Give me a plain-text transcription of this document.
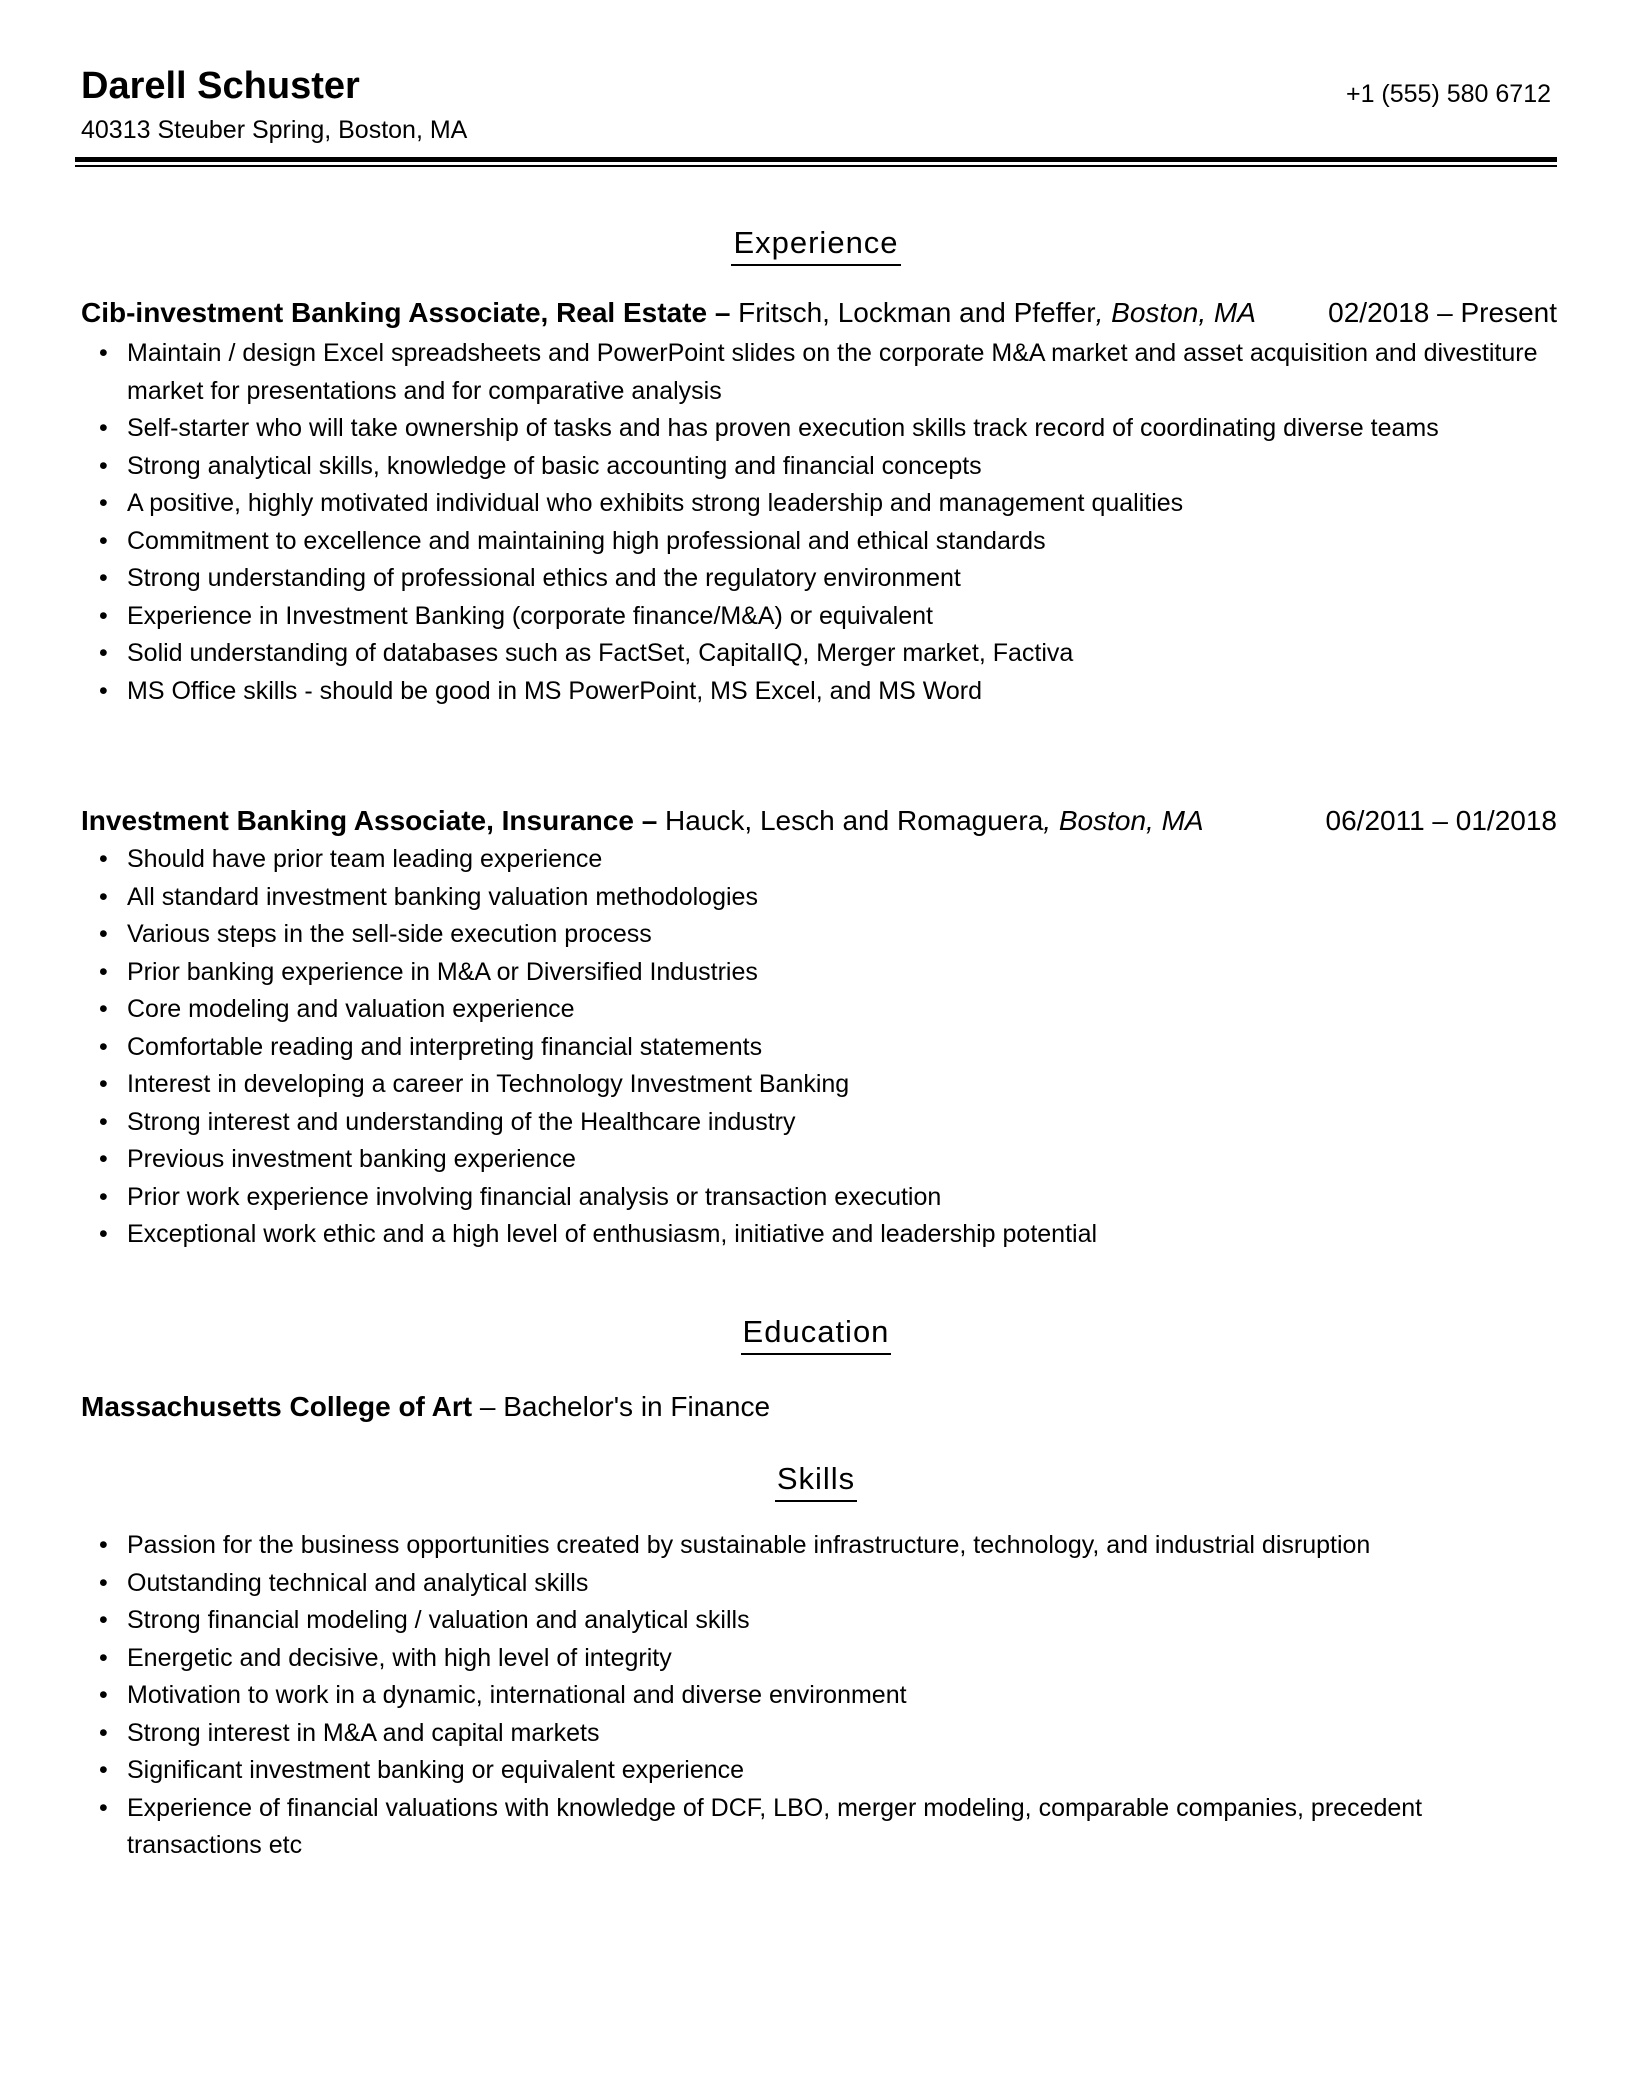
Darell Schuster
40313 Steuber Spring, Boston, MA
+1 (555) 580 6712
Experience
Cib-investment Banking Associate, Real Estate – Fritsch, Lockman and Pfeffer, Boston, MA	02/2018 – Present
• Maintain / design Excel spreadsheets and PowerPoint slides on the corporate M&A market and asset acquisition and divestiture market for presentations and for comparative analysis
• Self-starter who will take ownership of tasks and has proven execution skills track record of coordinating diverse teams
• Strong analytical skills, knowledge of basic accounting and financial concepts
• A positive, highly motivated individual who exhibits strong leadership and management qualities
• Commitment to excellence and maintaining high professional and ethical standards
• Strong understanding of professional ethics and the regulatory environment
• Experience in Investment Banking (corporate finance/M&A) or equivalent
• Solid understanding of databases such as FactSet, CapitalIQ, Merger market, Factiva
• MS Office skills - should be good in MS PowerPoint, MS Excel, and MS Word
Investment Banking Associate, Insurance – Hauck, Lesch and Romaguera, Boston, MA	06/2011 – 01/2018
• Should have prior team leading experience
• All standard investment banking valuation methodologies
• Various steps in the sell-side execution process
• Prior banking experience in M&A or Diversified Industries
• Core modeling and valuation experience
• Comfortable reading and interpreting financial statements
• Interest in developing a career in Technology Investment Banking
• Strong interest and understanding of the Healthcare industry
• Previous investment banking experience
• Prior work experience involving financial analysis or transaction execution
• Exceptional work ethic and a high level of enthusiasm, initiative and leadership potential
Education
Massachusetts College of Art – Bachelor's in Finance
Skills
• Passion for the business opportunities created by sustainable infrastructure, technology, and industrial disruption
• Outstanding technical and analytical skills
• Strong financial modeling / valuation and analytical skills
• Energetic and decisive, with high level of integrity
• Motivation to work in a dynamic, international and diverse environment
• Strong interest in M&A and capital markets
• Significant investment banking or equivalent experience
• Experience of financial valuations with knowledge of DCF, LBO, merger modeling, comparable companies, precedent transactions etc
